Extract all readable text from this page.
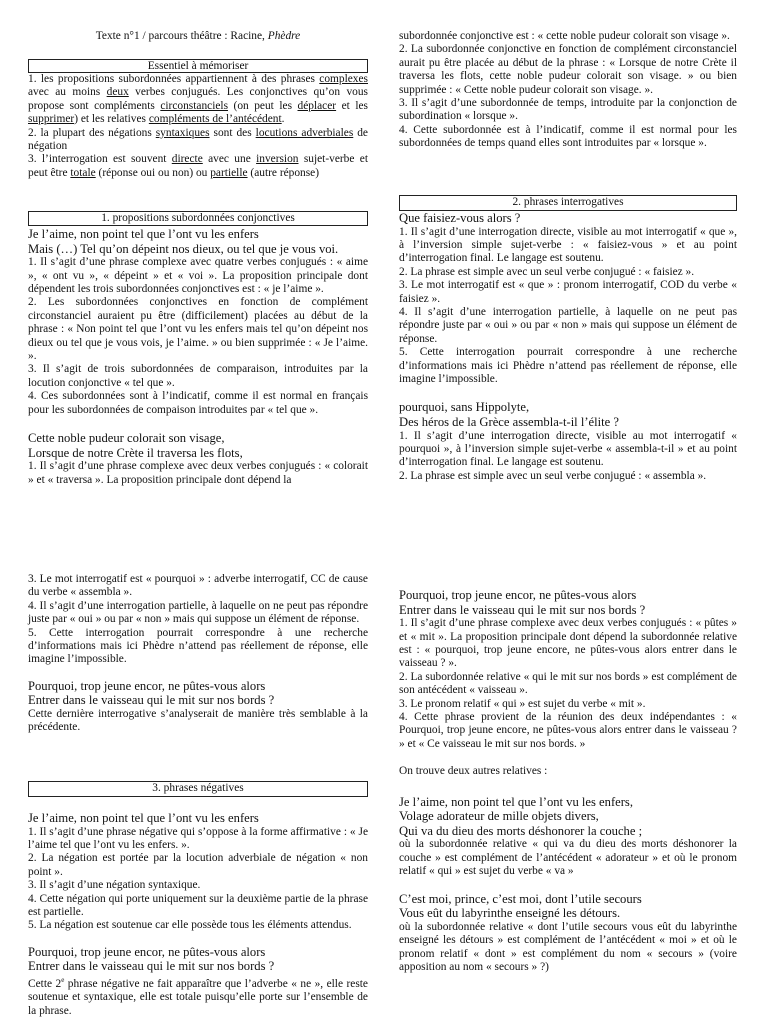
Texte n°1 / parcours théâtre : Racine, Phèdre
Essentiel à mémoriser

1. les propositions subordonnées appartiennent à des phrases complexes avec au moins deux verbes conjugués. Les conjonctives qu’on vous propose sont compléments circonstanciels (on peut les déplacer et les supprimer) et les relatives compléments de l’antécédent.

2. la plupart des négations syntaxiques sont des locutions adverbiales de négation

3. l’interrogation est souvent directe avec une inversion sujet-verbe et peut être totale (réponse oui ou non) ou partielle (autre réponse)

1. propositions subordonnées conjonctives

Je l’aime, non point tel que l’ont vu les enfers

Mais (…) Tel qu’on dépeint nos dieux, ou tel que je vous voi.

1. Il s’agit d’une phrase complexe avec quatre verbes conjugués : « aime », « ont vu », « dépeint » et « voi ». La proposition principale dont dépendent les trois subordonnées conjonctives est : « je l’aime ».

2. Les subordonnées conjonctives en fonction de complément circonstanciel auraient pu être (difficilement) placées au début de la phrase : « Non point tel que l’ont vu les enfers mais tel qu’on dépeint nos dieux ou tel que je vous vois, je l’aime. » ou bien supprimée : « Je l’aime. ».

3. Il s’agit de trois subordonnées de comparaison, introduites par la locution conjonctive « tel que ».

4. Ces subordonnées sont à l’indicatif, comme il est normal en français pour les subordonnées de compaison introduites par « tel que ».

Cette noble pudeur colorait son visage,

Lorsque de notre Crète il traversa les flots,

1. Il s’agit d’une phrase complexe avec deux verbes conjugués : « colorait » et « traversa ». La proposition principale dont dépend la

subordonnée conjonctive est : « cette noble pudeur colorait son visage ».

2. La subordonnée conjonctive en fonction de complément circonstanciel aurait pu être placée au début de la phrase : « Lorsque de notre Crète il traversa les flots, cette noble pudeur colorait son visage. » ou bien supprimée : « Cette noble pudeur colorait son visage. ».

3. Il s’agit d’une subordonnée de temps, introduite par la conjonction de subordination « lorsque ».

4. Cette subordonnée est à l’indicatif, comme il est normal pour les subordonnées de temps quand elles sont introduites par « lorsque ».

2. phrases interrogatives

Que faisiez-vous alors ?

1. Il s’agit d’une interrogation directe, visible au mot interrogatif « que », à l’inversion simple sujet-verbe : « faisiez-vous » et au point d’interrogation final. Le langage est soutenu.

2. La phrase est simple avec un seul verbe conjugué : « faisiez ».

3. Le mot interrogatif est « que » : pronom interrogatif, COD du verbe « faisiez ».

4. Il s’agit d’une interrogation partielle, à laquelle on ne peut pas répondre juste par « oui » ou par « non » mais qui suppose un élément de réponse.

5. Cette interrogation pourrait correspondre à une recherche d’informations mais ici Phèdre n’attend pas réellement de réponse, elle imagine l’impossible.

pourquoi, sans Hippolyte,

Des héros de la Grèce assembla-t-il l’élite ?

1. Il s’agit d’une interrogation directe, visible au mot interrogatif « pourquoi », à l’inversion simple sujet-verbe « assembla-t-il » et au point d’interrogation final. Le langage est soutenu.

2. La phrase est simple avec un seul verbe conjugué : « assembla ».

3. Le mot interrogatif est « pourquoi » : adverbe interrogatif, CC de cause du verbe « assembla ».

4. Il s’agit d’une interrogation partielle, à laquelle on ne peut pas répondre juste par « oui » ou par « non » mais qui suppose un élément de réponse.

5. Cette interrogation pourrait correspondre à une recherche d’informations mais ici Phèdre n’attend pas réellement de réponse, elle imagine l’impossible.

Pourquoi, trop jeune encor, ne pûtes-vous alors

Entrer dans le vaisseau qui le mit sur nos bords ?

Cette dernière interrogative s’analyserait de manière très semblable à la précédente.

3. phrases négatives

Je l’aime, non point tel que l’ont vu les enfers

1. Il s’agit d’une phrase négative qui s’oppose à la forme affirmative : « Je l’aime tel que l’ont vu les enfers. ».

2. La négation est portée par la locution adverbiale de négation « non point ».

3. Il s’agit d’une négation syntaxique.

4. Cette négation qui porte uniquement sur la deuxième partie de la phrase est partielle.

5. La négation est soutenue car elle possède tous les éléments attendus.

Pourquoi, trop jeune encor, ne pûtes-vous alors

Entrer dans le vaisseau qui le mit sur nos bords ?

Cette 2e phrase négative ne fait apparaître que l’adverbe « ne », elle reste soutenue et syntaxique, elle est totale puisqu’elle porte sur l’ensemble de la phrase.

Pourquoi, trop jeune encor, ne pûtes-vous alors

Entrer dans le vaisseau qui le mit sur nos bords ?

1. Il s’agit d’une phrase complexe avec deux verbes conjugués : « pûtes » et « mit ». La proposition principale dont dépend la subordonnée relative est : « pourquoi, trop jeune encore, ne pûtes-vous alors entrer dans le vaisseau ? ».

2. La subordonnée relative « qui le mit sur nos bords » est complément de son antécédent « vaisseau ».

3. Le pronom relatif « qui » est sujet du verbe « mit ».

4. Cette phrase provient de la réunion des deux indépendantes : « Pourquoi, trop jeune encore, ne pûtes-vous alors entrer dans le vaisseau ? » et « Ce vaisseau le mit sur nos bords. »

On trouve deux autres relatives :

Je l’aime, non point tel que l’ont vu les enfers,

Volage adorateur de mille objets divers,

Qui va du dieu des morts déshonorer la couche ;

où la subordonnée relative « qui va du dieu des morts déshonorer la couche » est complément de l’antécédent « adorateur » et où le pronom relatif « qui » est sujet du verbe « va »

C’est moi, prince, c’est moi, dont l’utile secours

Vous eût du labyrinthe enseigné les détours.

où la subordonnée relative « dont l’utile secours vous eût du labyrinthe enseigné les détours » est complément de l’antécédent « moi » et où le pronom relatif « dont » est complément du nom « secours » (voire apposition au nom « secours » ?)
